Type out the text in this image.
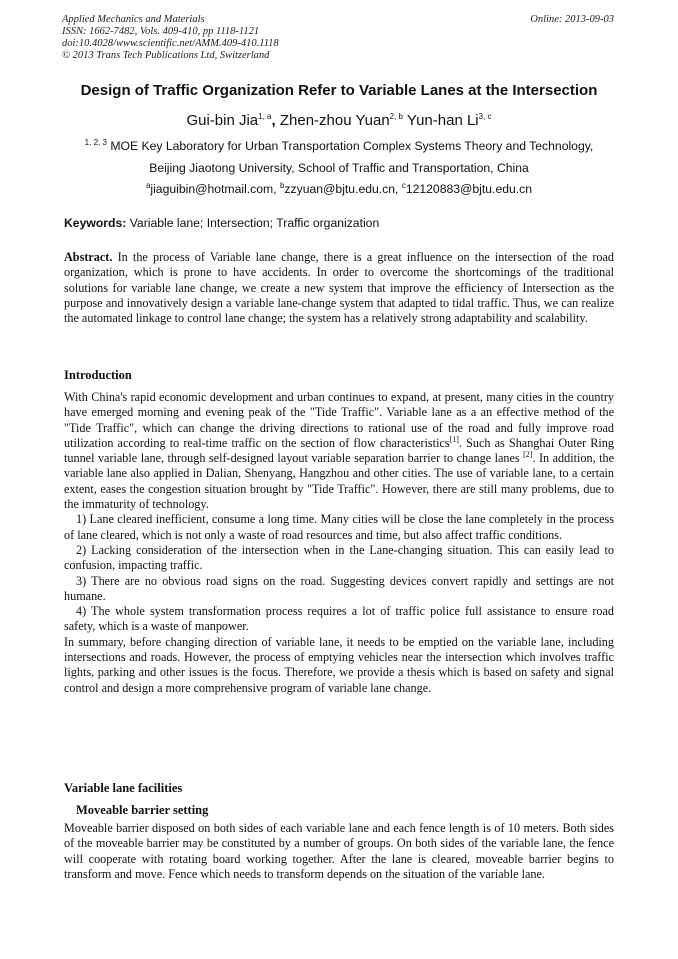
Applied Mechanics and Materials
ISSN: 1662-7482, Vols. 409-410, pp 1118-1121
doi:10.4028/www.scientific.net/AMM.409-410.1118
© 2013 Trans Tech Publications Ltd, Switzerland
Online: 2013-09-03
Design of Traffic Organization Refer to Variable Lanes at the Intersection
Gui-bin Jia$^{1, a}$, Zhen-zhou Yuan$^{2, b}$ Yun-han Li$^{3, c}$
$^{1, 2, 3}$ MOE Key Laboratory for Urban Transportation Complex Systems Theory and Technology,
Beijing Jiaotong University, School of Traffic and Transportation, China
$^a$jiaguibin@hotmail.com, $^b$zzyuan@bjtu.edu.cn, $^c$12120883@bjtu.edu.cn
Keywords: Variable lane; Intersection; Traffic organization
Abstract. In the process of Variable lane change, there is a great influence on the intersection of the road organization, which is prone to have accidents. In order to overcome the shortcomings of the traditional solutions for variable lane change, we create a new system that improve the efficiency of Intersection as the purpose and innovatively design a variable lane-change system that adapted to tidal traffic. Thus, we can realize the automated linkage to control lane change; the system has a relatively strong adaptability and scalability.
Introduction

With China's rapid economic development and urban continues to expand, at present, many cities in the country have emerged morning and evening peak of the "Tide Traffic". Variable lane as a an effective method of the "Tide Traffic", which can change the driving directions to rational use of the road and fully improve road utilization according to real-time traffic on the section of flow characteristics[1]. Such as Shanghai Outer Ring tunnel variable lane, through self-designed layout variable separation barrier to change lanes [2]. In addition, the variable lane also applied in Dalian, Shenyang, Hangzhou and other cities. The use of variable lane, to a certain extent, eases the congestion situation brought by "Tide Traffic". However, there are still many problems, due to the immaturity of technology.

1) Lane cleared inefficient, consume a long time. Many cities will be close the lane completely in the process of lane cleared, which is not only a waste of road resources and time, but also affect traffic conditions.

2) Lacking consideration of the intersection when in the Lane-changing situation. This can easily lead to confusion, impacting traffic.

3) There are no obvious road signs on the road. Suggesting devices convert rapidly and settings are not humane.

4) The whole system transformation process requires a lot of traffic police full assistance to ensure road safety, which is a waste of manpower.

In summary, before changing direction of variable lane, it needs to be emptied on the variable lane, including intersections and roads. However, the process of emptying vehicles near the intersection which involves traffic lights, parking and other issues is the focus. Therefore, we provide a thesis which is based on safety and signal control and design a more comprehensive program of variable lane change.

Variable lane facilities
Moveable barrier setting
Moveable barrier disposed on both sides of each variable lane and each fence length is of 10 meters. Both sides of the moveable barrier may be constituted by a number of groups. On both sides of the variable lane, the fence will cooperate with rotating board working together. After the lane is cleared, moveable barrier begins to transform and move. Fence which needs to transform depends on the situation of the variable lane.
